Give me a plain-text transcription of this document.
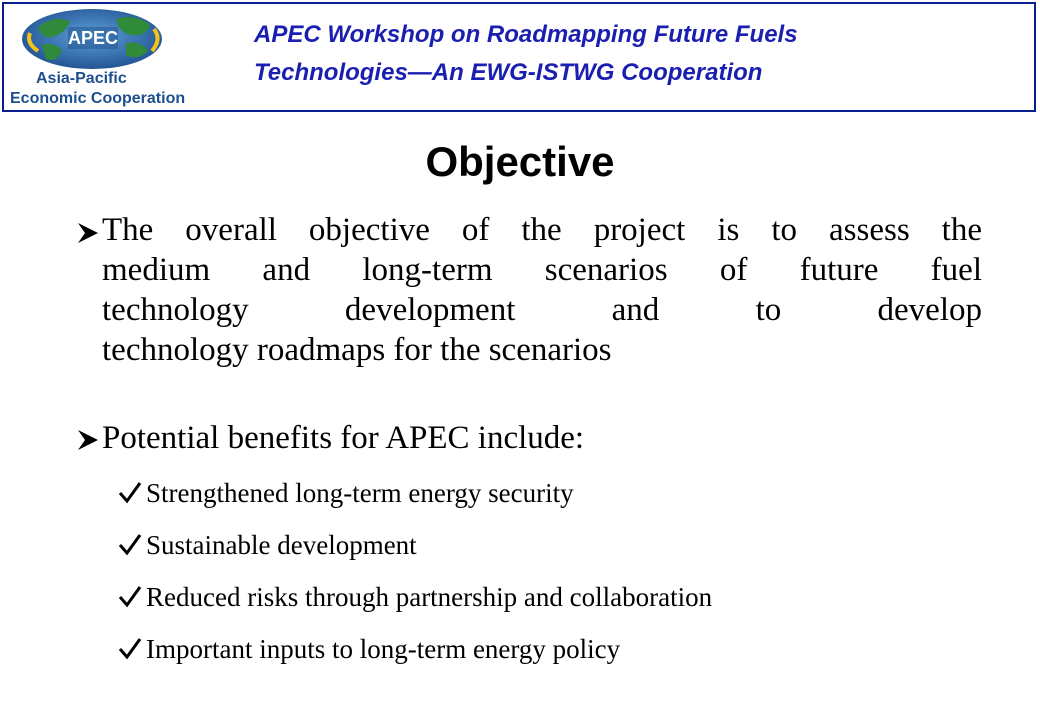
APEC
Asia-Pacific
Economic Cooperation
APEC Workshop on Roadmapping Future Fuels
Technologies—An EWG-ISTWG Cooperation
Objective
The overall objective of the project is to assess the
medium and long-term scenarios of future fuel
technology development and to develop
technology roadmaps for the scenarios
Potential benefits for APEC include:
Strengthened long-term energy security
Sustainable development
Reduced risks through partnership and collaboration
Important inputs to long-term energy policy
